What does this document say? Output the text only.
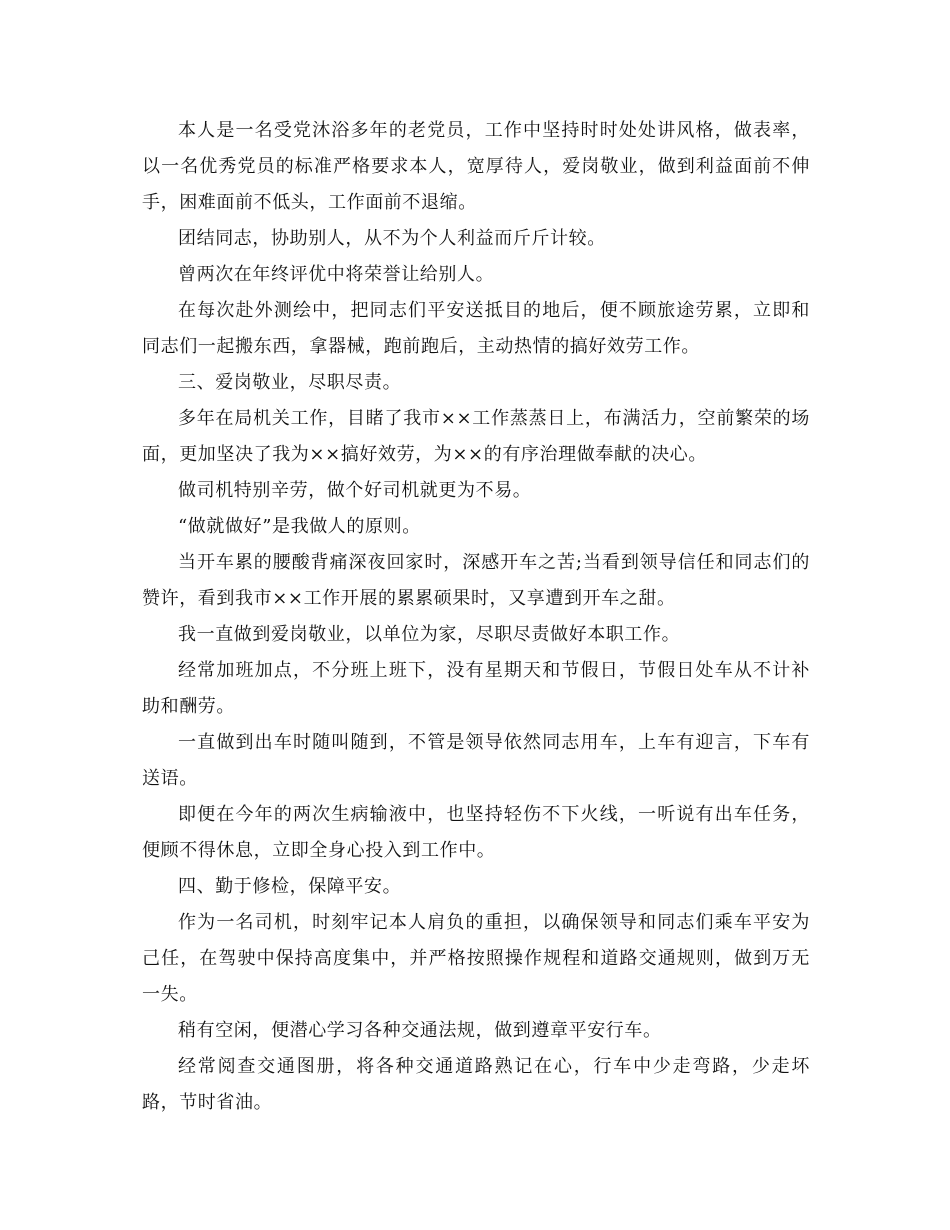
本人是一名受党沐浴多年的老党员，工作中坚持时时处处讲风格，做表率，以一名优秀党员的标准严格要求本人，宽厚待人，爱岗敬业，做到利益面前不伸手，困难面前不低头，工作面前不退缩。

团结同志，协助别人，从不为个人利益而斤斤计较。

曾两次在年终评优中将荣誉让给别人。

在每次赴外测绘中，把同志们平安送抵目的地后，便不顾旅途劳累，立即和同志们一起搬东西，拿器械，跑前跑后，主动热情的搞好效劳工作。

三、爱岗敬业，尽职尽责。

多年在局机关工作，目睹了我市××工作蒸蒸日上，布满活力，空前繁荣的场面，更加坚决了我为××搞好效劳，为××的有序治理做奉献的决心。

做司机特别辛劳，做个好司机就更为不易。

“做就做好”是我做人的原则。

当开车累的腰酸背痛深夜回家时，深感开车之苦;当看到领导信任和同志们的赞许，看到我市××工作开展的累累硕果时，又享遭到开车之甜。

我一直做到爱岗敬业，以单位为家，尽职尽责做好本职工作。

经常加班加点，不分班上班下，没有星期天和节假日，节假日处车从不计补助和酬劳。

一直做到出车时随叫随到，不管是领导依然同志用车，上车有迎言，下车有送语。

即便在今年的两次生病输液中，也坚持轻伤不下火线，一听说有出车任务，便顾不得休息，立即全身心投入到工作中。

四、勤于修检，保障平安。

作为一名司机，时刻牢记本人肩负的重担，以确保领导和同志们乘车平安为己任，在驾驶中保持高度集中，并严格按照操作规程和道路交通规则，做到万无一失。

稍有空闲，便潜心学习各种交通法规，做到遵章平安行车。

经常阅查交通图册，将各种交通道路熟记在心，行车中少走弯路，少走坏路，节时省油。
